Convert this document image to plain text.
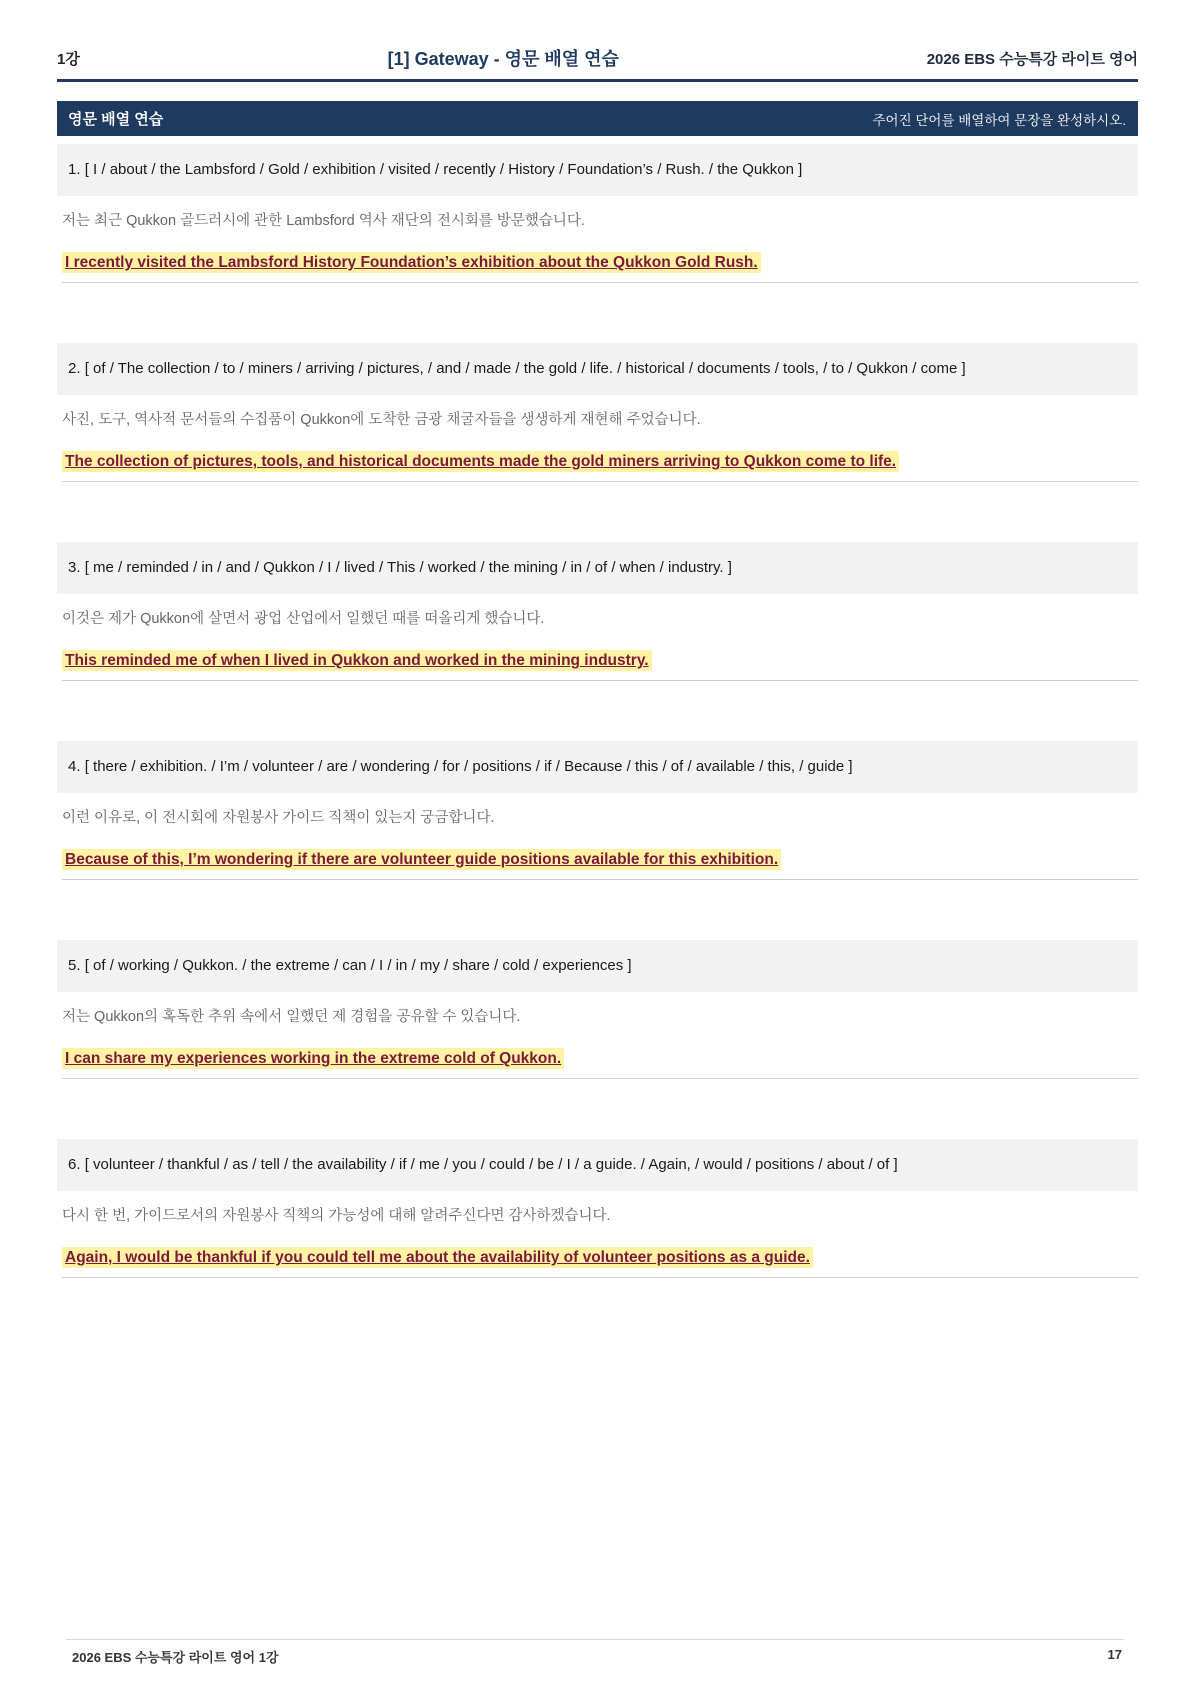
1강	[1] Gateway - 영문 배열 연습	2026 EBS 수능특강 라이트 영어
영문 배열 연습	주어진 단어를 배열하여 문장을 완성하시오.
1. [ I / about / the Lambsford / Gold / exhibition / visited / recently / History / Foundation’s / Rush. / the Qukkon ]
저는 최근 Qukkon 골드러시에 관한 Lambsford 역사 재단의 전시회를 방문했습니다.
I recently visited the Lambsford History Foundation’s exhibition about the Qukkon Gold Rush.
2. [ of / The collection / to / miners / arriving / pictures, / and / made / the gold / life. / historical / documents / tools, / to / Qukkon / come ]
사진, 도구, 역사적 문서들의 수집품이 Qukkon에 도착한 금광 채굴자들을 생생하게 재현해 주었습니다.
The collection of pictures, tools, and historical documents made the gold miners arriving to Qukkon come to life.
3. [ me / reminded / in / and / Qukkon / I / lived / This / worked / the mining / in / of / when / industry. ]
이것은 제가 Qukkon에 살면서 광업 산업에서 일했던 때를 떠올리게 했습니다.
This reminded me of when I lived in Qukkon and worked in the mining industry.
4. [ there / exhibition. / I’m / volunteer / are / wondering / for / positions / if / Because / this / of / available / this, / guide ]
이런 이유로, 이 전시회에 자원봉사 가이드 직책이 있는지 궁금합니다.
Because of this, I’m wondering if there are volunteer guide positions available for this exhibition.
5. [ of / working / Qukkon. / the extreme / can / I / in / my / share / cold / experiences ]
저는 Qukkon의 혹독한 추위 속에서 일했던 제 경험을 공유할 수 있습니다.
I can share my experiences working in the extreme cold of Qukkon.
6. [ volunteer / thankful / as / tell / the availability / if / me / you / could / be / I / a guide. / Again, / would / positions / about / of ]
다시 한 번, 가이드로서의 자원봉사 직책의 가능성에 대해 알려주신다면 감사하겠습니다.
Again, I would be thankful if you could tell me about the availability of volunteer positions as a guide.
2026 EBS 수능특강 라이트 영어 1강	17
